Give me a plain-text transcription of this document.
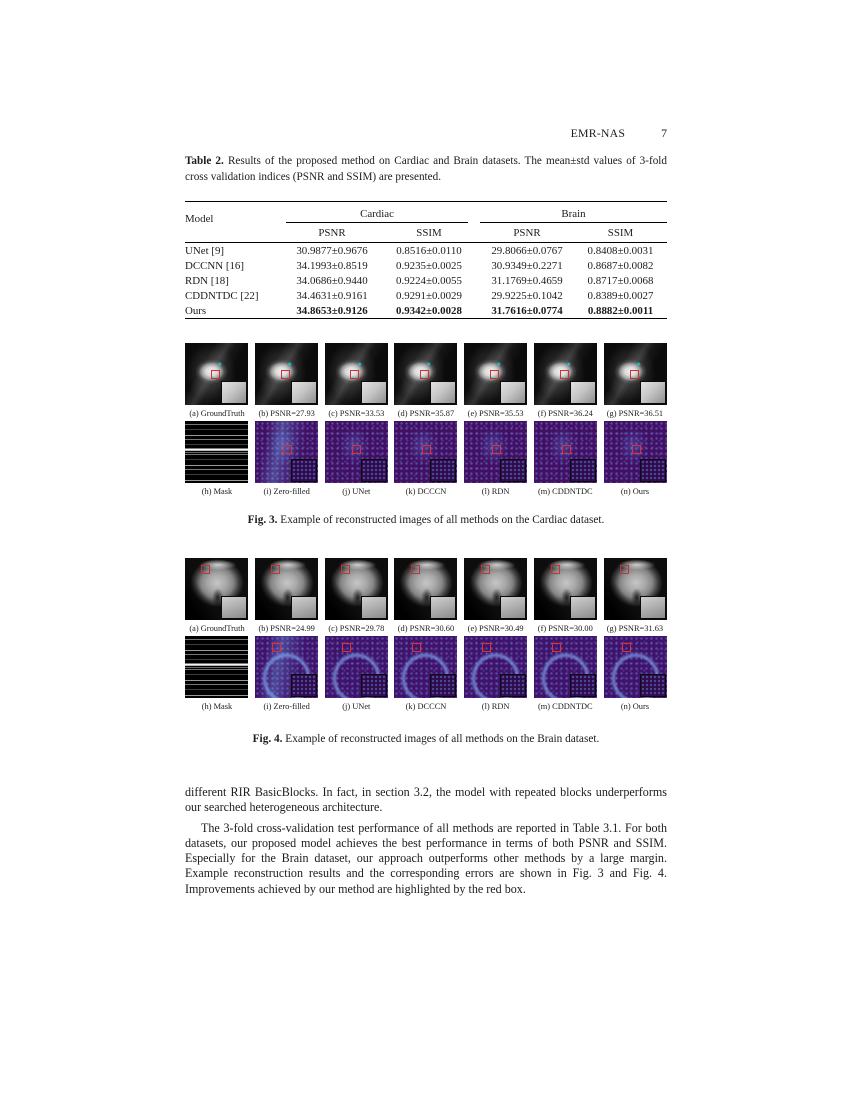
EMR-NAS	7

Table 2. Results of the proposed method on Cardiac and Brain datasets. The mean±std values of 3-fold cross validation indices (PSNR and SSIM) are presented.

Model	Cardiac		Brain	

	PSNR	SSIM	PSNR	SSIM
UNet [9]	30.9877±0.9676	0.8516±0.0110	29.8066±0.0767	0.8408±0.0031
DCCNN [16]	34.1993±0.8519	0.9235±0.0025	30.9349±0.2271	0.8687±0.0082
RDN [18]	34.0686±0.9440	0.9224±0.0055	31.1769±0.4659	0.8717±0.0068
CDDNTDC [22]	34.4631±0.9161	0.9291±0.0029	29.9225±0.1042	0.8389±0.0027
Ours	34.8653±0.9126	0.9342±0.0028	31.7616±0.0774	0.8882±0.0011
(a) GroundTruth	(b) PSNR=27.93	(c) PSNR=33.53	(d) PSNR=35.87	(e) PSNR=35.53	(f) PSNR=36.24	(g) PSNR=36.51
(h) Mask	(i) Zero-filled	(j) UNet	(k) DCCCN	(l) RDN	(m) CDDNTDC	(n) Ours

Fig. 3. Example of reconstructed images of all methods on the Cardiac dataset.

(a) GroundTruth	(b) PSNR=24.99	(c) PSNR=29.78	(d) PSNR=30.60	(e) PSNR=30.49	(f) PSNR=30.00	(g) PSNR=31.63
(h) Mask	(i) Zero-filled	(j) UNet	(k) DCCCN	(l) RDN	(m) CDDNTDC	(n) Ours

Fig. 4. Example of reconstructed images of all methods on the Brain dataset.

different RIR BasicBlocks. In fact, in section 3.2, the model with repeated blocks underperforms our searched heterogeneous architecture.

The 3-fold cross-validation test performance of all methods are reported in Table 3.1. For both datasets, our proposed model achieves the best performance in terms of both PSNR and SSIM. Especially for the Brain dataset, our approach outperforms other methods by a large margin. Example reconstruction results and the corresponding errors are shown in Fig. 3 and Fig. 4. Improvements achieved by our method are highlighted by the red box.
